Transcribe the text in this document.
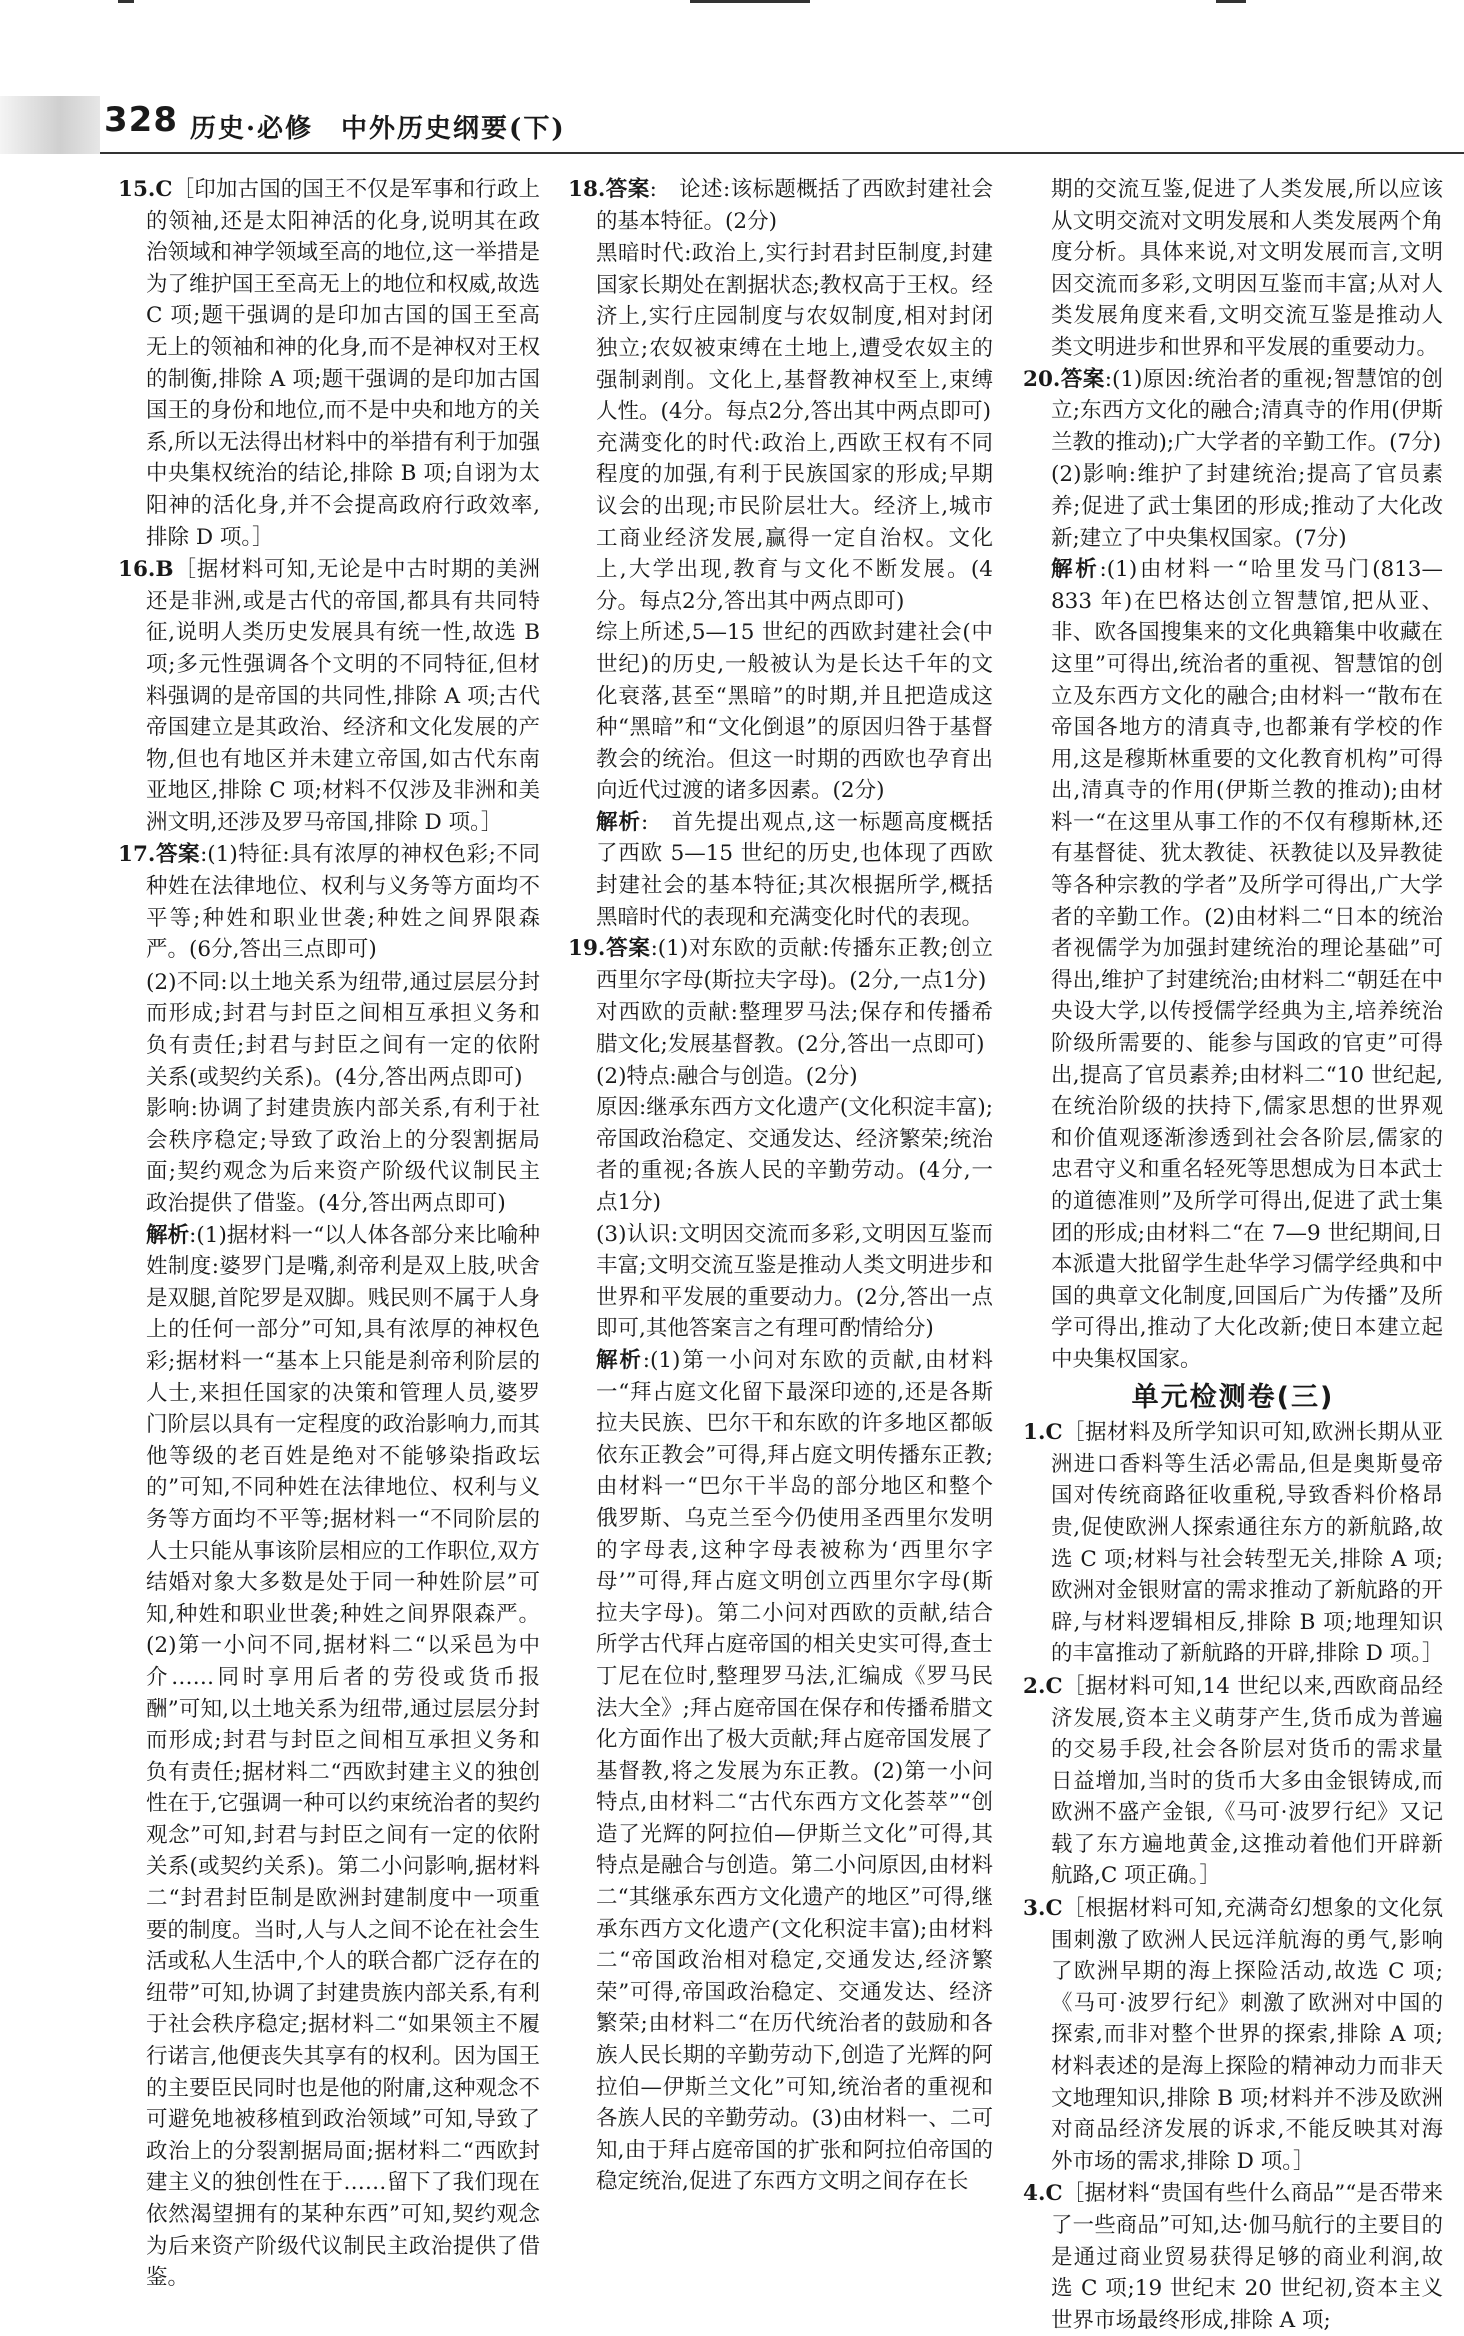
328 历史·必修　中外历史纲要(下)

15.C［印加古国的国王不仅是军事和行政上的领袖,还是太阳神活的化身,说明其在政治领域和神学领域至高的地位,这一举措是为了维护国王至高无上的地位和权威,故选 C 项;题干强调的是印加古国的国王至高无上的领袖和神的化身,而不是神权对王权的制衡,排除 A 项;题干强调的是印加古国国王的身份和地位,而不是中央和地方的关系,所以无法得出材料中的举措有利于加强中央集权统治的结论,排除 B 项;自诩为太阳神的活化身,并不会提高政府行政效率,排除 D 项。］

16.B［据材料可知,无论是中古时期的美洲还是非洲,或是古代的帝国,都具有共同特征,说明人类历史发展具有统一性,故选 B 项;多元性强调各个文明的不同特征,但材料强调的是帝国的共同性,排除 A 项;古代帝国建立是其政治、经济和文化发展的产物,但也有地区并未建立帝国,如古代东南亚地区,排除 C 项;材料不仅涉及非洲和美洲文明,还涉及罗马帝国,排除 D 项。］

17.答案:(1)特征:具有浓厚的神权色彩;不同种姓在法律地位、权利与义务等方面均不平等;种姓和职业世袭;种姓之间界限森严。(6分,答出三点即可)

(2)不同:以土地关系为纽带,通过层层分封而形成;封君与封臣之间相互承担义务和负有责任;封君与封臣之间有一定的依附关系(或契约关系)。(4分,答出两点即可)

影响:协调了封建贵族内部关系,有利于社会秩序稳定;导致了政治上的分裂割据局面;契约观念为后来资产阶级代议制民主政治提供了借鉴。(4分,答出两点即可)

解析:(1)据材料一“以人体各部分来比喻种姓制度:婆罗门是嘴,刹帝利是双上肢,吠舍是双腿,首陀罗是双脚。贱民则不属于人身上的任何一部分”可知,具有浓厚的神权色彩;据材料一“基本上只能是刹帝利阶层的人士,来担任国家的决策和管理人员,婆罗门阶层以具有一定程度的政治影响力,而其他等级的老百姓是绝对不能够染指政坛的”可知,不同种姓在法律地位、权利与义务等方面均不平等;据材料一“不同阶层的人士只能从事该阶层相应的工作职位,双方结婚对象大多数是处于同一种姓阶层”可知,种姓和职业世袭;种姓之间界限森严。(2)第一小问不同,据材料二“以采邑为中介……同时享用后者的劳役或货币报酬”可知,以土地关系为纽带,通过层层分封而形成;封君与封臣之间相互承担义务和负有责任;据材料二“西欧封建主义的独创性在于,它强调一种可以约束统治者的契约观念”可知,封君与封臣之间有一定的依附关系(或契约关系)。第二小问影响,据材料二“封君封臣制是欧洲封建制度中一项重要的制度。当时,人与人之间不论在社会生活或私人生活中,个人的联合都广泛存在的纽带”可知,协调了封建贵族内部关系,有利于社会秩序稳定;据材料二“如果领主不履行诺言,他便丧失其享有的权利。因为国王的主要臣民同时也是他的附庸,这种观念不可避免地被移植到政治领域”可知,导致了政治上的分裂割据局面;据材料二“西欧封建主义的独创性在于……留下了我们现在依然渴望拥有的某种东西”可知,契约观念为后来资产阶级代议制民主政治提供了借鉴。

18.答案:　论述:该标题概括了西欧封建社会的基本特征。(2分)

黑暗时代:政治上,实行封君封臣制度,封建国家长期处在割据状态;教权高于王权。经济上,实行庄园制度与农奴制度,相对封闭独立;农奴被束缚在土地上,遭受农奴主的强制剥削。文化上,基督教神权至上,束缚人性。(4分。每点2分,答出其中两点即可)

充满变化的时代:政治上,西欧王权有不同程度的加强,有利于民族国家的形成;早期议会的出现;市民阶层壮大。经济上,城市工商业经济发展,赢得一定自治权。文化上,大学出现,教育与文化不断发展。(4分。每点2分,答出其中两点即可)

综上所述,5—15 世纪的西欧封建社会(中世纪)的历史,一般被认为是长达千年的文化衰落,甚至“黑暗”的时期,并且把造成这种“黑暗”和“文化倒退”的原因归咎于基督教会的统治。但这一时期的西欧也孕育出向近代过渡的诸多因素。(2分)

解析:　首先提出观点,这一标题高度概括了西欧 5—15 世纪的历史,也体现了西欧封建社会的基本特征;其次根据所学,概括黑暗时代的表现和充满变化时代的表现。

19.答案:(1)对东欧的贡献:传播东正教;创立西里尔字母(斯拉夫字母)。(2分,一点1分)

对西欧的贡献:整理罗马法;保存和传播希腊文化;发展基督教。(2分,答出一点即可)

(2)特点:融合与创造。(2分)

原因:继承东西方文化遗产(文化积淀丰富);帝国政治稳定、交通发达、经济繁荣;统治者的重视;各族人民的辛勤劳动。(4分,一点1分)

(3)认识:文明因交流而多彩,文明因互鉴而丰富;文明交流互鉴是推动人类文明进步和世界和平发展的重要动力。(2分,答出一点即可,其他答案言之有理可酌情给分)

解析:(1)第一小问对东欧的贡献,由材料一“拜占庭文化留下最深印迹的,还是各斯拉夫民族、巴尔干和东欧的许多地区都皈依东正教会”可得,拜占庭文明传播东正教;由材料一“巴尔干半岛的部分地区和整个俄罗斯、乌克兰至今仍使用圣西里尔发明的字母表,这种字母表被称为‘西里尔字母’”可得,拜占庭文明创立西里尔字母(斯拉夫字母)。第二小问对西欧的贡献,结合所学古代拜占庭帝国的相关史实可得,查士丁尼在位时,整理罗马法,汇编成《罗马民法大全》;拜占庭帝国在保存和传播希腊文化方面作出了极大贡献;拜占庭帝国发展了基督教,将之发展为东正教。(2)第一小问特点,由材料二“古代东西方文化荟萃”“创造了光辉的阿拉伯—伊斯兰文化”可得,其特点是融合与创造。第二小问原因,由材料二“其继承东西方文化遗产的地区”可得,继承东西方文化遗产(文化积淀丰富);由材料二“帝国政治相对稳定,交通发达,经济繁荣”可得,帝国政治稳定、交通发达、经济繁荣;由材料二“在历代统治者的鼓励和各族人民长期的辛勤劳动下,创造了光辉的阿拉伯—伊斯兰文化”可知,统治者的重视和各族人民的辛勤劳动。(3)由材料一、二可知,由于拜占庭帝国的扩张和阿拉伯帝国的稳定统治,促进了东西方文明之间存在长

期的交流互鉴,促进了人类发展,所以应该从文明交流对文明发展和人类发展两个角度分析。具体来说,对文明发展而言,文明因交流而多彩,文明因互鉴而丰富;从对人类发展角度来看,文明交流互鉴是推动人类文明进步和世界和平发展的重要动力。

20.答案:(1)原因:统治者的重视;智慧馆的创立;东西方文化的融合;清真寺的作用(伊斯兰教的推动);广大学者的辛勤工作。(7分)

(2)影响:维护了封建统治;提高了官员素养;促进了武士集团的形成;推动了大化改新;建立了中央集权国家。(7分)

解析:(1)由材料一“哈里发马门(813—833 年)在巴格达创立智慧馆,把从亚、非、欧各国搜集来的文化典籍集中收藏在这里”可得出,统治者的重视、智慧馆的创立及东西方文化的融合;由材料一“散布在帝国各地方的清真寺,也都兼有学校的作用,这是穆斯林重要的文化教育机构”可得出,清真寺的作用(伊斯兰教的推动);由材料一“在这里从事工作的不仅有穆斯林,还有基督徒、犹太教徒、祆教徒以及异教徒等各种宗教的学者”及所学可得出,广大学者的辛勤工作。(2)由材料二“日本的统治者视儒学为加强封建统治的理论基础”可得出,维护了封建统治;由材料二“朝廷在中央设大学,以传授儒学经典为主,培养统治阶级所需要的、能参与国政的官吏”可得出,提高了官员素养;由材料二“10 世纪起,在统治阶级的扶持下,儒家思想的世界观和价值观逐渐渗透到社会各阶层,儒家的忠君守义和重名轻死等思想成为日本武士的道德准则”及所学可得出,促进了武士集团的形成;由材料二“在 7—9 世纪期间,日本派遣大批留学生赴华学习儒学经典和中国的典章文化制度,回国后广为传播”及所学可得出,推动了大化改新;使日本建立起中央集权国家。

单元检测卷(三)

1.C［据材料及所学知识可知,欧洲长期从亚洲进口香料等生活必需品,但是奥斯曼帝国对传统商路征收重税,导致香料价格昂贵,促使欧洲人探索通往东方的新航路,故选 C 项;材料与社会转型无关,排除 A 项;欧洲对金银财富的需求推动了新航路的开辟,与材料逻辑相反,排除 B 项;地理知识的丰富推动了新航路的开辟,排除 D 项。］

2.C［据材料可知,14 世纪以来,西欧商品经济发展,资本主义萌芽产生,货币成为普遍的交易手段,社会各阶层对货币的需求量日益增加,当时的货币大多由金银铸成,而欧洲不盛产金银,《马可·波罗行纪》又记载了东方遍地黄金,这推动着他们开辟新航路,C 项正确。］

3.C［根据材料可知,充满奇幻想象的文化氛围刺激了欧洲人民远洋航海的勇气,影响了欧洲早期的海上探险活动,故选 C 项;《马可·波罗行纪》刺激了欧洲对中国的探索,而非对整个世界的探索,排除 A 项;材料表述的是海上探险的精神动力而非天文地理知识,排除 B 项;材料并不涉及欧洲对商品经济发展的诉求,不能反映其对海外市场的需求,排除 D 项。］

4.C［据材料“贵国有些什么商品”“是否带来了一些商品”可知,达·伽马航行的主要目的是通过商业贸易获得足够的商业利润,故选 C 项;19 世纪末 20 世纪初,资本主义世界市场最终形成,排除 A 项;
